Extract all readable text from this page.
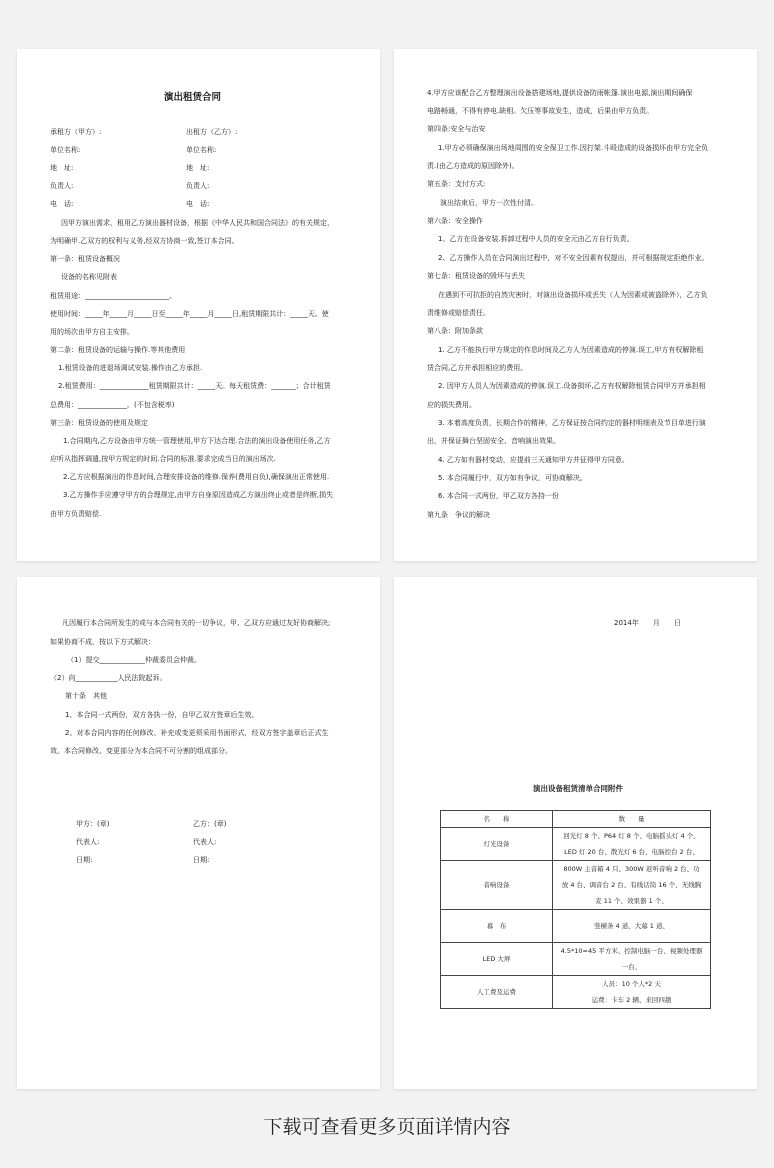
演出租赁合同
承租方（甲方）:	出租方（乙方）:
单位名称:	单位名称:
地　址:	地　址:
负责人:	负责人:
电　话:	电　话:
因甲方演出需求，租用乙方演出器材设备，根据《中华人民共和国合同法》的有关规定，
为明确甲.乙双方的权利与义务,经双方协商一致,签订本合同。
第一条：租赁设备概况
设备的名称见附表
租赁用途：________________________。
使用时间：_____年_____月_____日至_____年_____月_____日,租赁期限共计：_____天。使
用的场次由甲方自主安排。
第二条：租赁设备的运输与操作.等其他费用
1.租赁设备的进退场调试安装.操作由乙方承担.
2.租赁费用：______________租赁期限共计：_____天。每天租赁费：_______；合计租赁
总费用：______________。(不包含税率)
第三条：租赁设备的使用及规定
1.合同期内,乙方设备由甲方统一管理使用,甲方下达合理.合法的演出设备使用任务,乙方
应听从指挥调遣,按甲方规定的时间.合同的标准.要求完成当日的演出场次.
2.乙方应根据演出的作息时间,合理安排设备的维修.保养(费用自负),确保演出正常使用.
3.乙方操作手应遵守甲方的合理规定,由甲方自身原因造成乙方演出终止或者是终断,损失
由甲方负责赔偿.
4.甲方应该配合乙方整理演出设备搭建场地,提供设备防雨帐篷.演出电源,演出期间确保
电路畅通，不得有停电.缺相。欠压等事故发生，造成，后果由甲方负责。
第四条:安全与治安
1.甲方必须确保演出场地周围的安全保卫工作.因打架.斗殴造成的设备损坏由甲方完全负
责.(由乙方造成的原因除外)。
第五条：支付方式:
演出结束后，甲方一次性付清。
第六条：安全操作
1、乙方在设备安装.拆卸过程中人员的安全元由乙方自行负责。
2、乙方操作人员在合同演出过程中，对不安全因素有权提出，并可根据规定拒绝作业。
第七条：租赁设备的毁坏与丢失
在遇到不可抗拒的自然灾害时，对演出设备损坏或丢失（人为因素或被盗除外），乙方负
责维修或赔偿责任。
第八条：附加条款
1. 乙方不能执行甲方规定的作息时间及乙方人为因素造成的停演.误工,甲方有权解除租
赁合同,乙方并承担相应的费用。
2. 因甲方人员人为因素造成的停演.误工.设备损坏,乙方有权解除租赁合同甲方并承担相
应的损失费用。
3. 本着高度负责，长期合作的精神，乙方保证按合同约定的器材明细表及节目单进行演
出，并保证舞台坚固安全、音响演出效果。
4. 乙方如有器材变动，应提前三天通知甲方并征得甲方同意。
5. 本合同履行中，双方如有争议，可协商解决。
6. 本合同一式两份，甲乙双方各持一份
第九条　争议的解决
凡因履行本合同所发生的或与本合同有关的一切争议，甲、乙双方应通过友好协商解决;
如果协商不成，按以下方式解决：
（1）提交_____________仲裁委员会仲裁。
（2）向____________人民法院起诉。
第十条　其他
1、本合同一式两份，双方各执一份，自甲乙双方签章后生效。
2、对本合同内容的任何修改、补充或变更须采用书面形式，经双方签字盖章后正式生
效。本合同修改、变更部分为本合同不可分割的组成部分。
甲方：(章)	乙方：(章)
代表人:	代表人:
日期:	日期:
2014年　　月　　日
演出设备租赁清单合同附件
名　　称	数　　量
灯光设备	回光灯 8 个、P64 灯 8 个、电脑摇头灯 4 个、
LED 灯 20 台、散光灯 6 台、电脑控台 2 台、

音响设备	800W 主音箱 4 只、300W 返听音响 2 台、功
放 4 台、调音台 2 台、有线话筒 16 个、无线胸
麦 11 个、效果器 1 个、

幕　布	竖横条 4 道、大幕 1 道、

LED 大屏	4.5*10=45 平方米、控制电脑一台、视频处理器
一台、

人工费及运费	人员：10 个人*2 天
运费：卡车 2 辆、来回四趟
下载可查看更多页面详情内容
